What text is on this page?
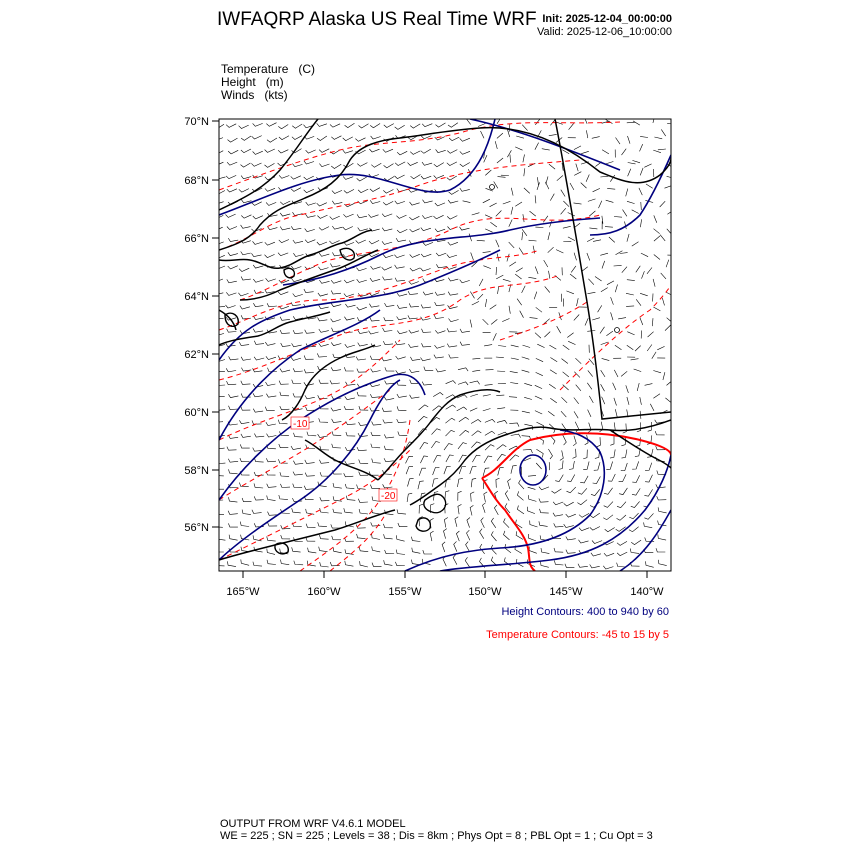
IWFAQRP Alaska US Real Time WRF Init: 2025-12-04_00:00:00
Valid: 2025-12-06_10:00:00
Temperature   (C)
Height   (m)
Winds   (kts)
-10
-20
70°N
68°N
66°N
64°N
62°N
60°N
58°N
56°N
165°W	160°W	155°W	150°W	145°W	140°W
Height Contours: 400 to 940 by 60
Temperature Contours: -45 to 15 by 5
OUTPUT FROM WRF V4.6.1 MODEL
WE = 225 ; SN = 225 ; Levels = 38 ; Dis = 8km ; Phys Opt = 8 ; PBL Opt = 1 ; Cu Opt = 3
